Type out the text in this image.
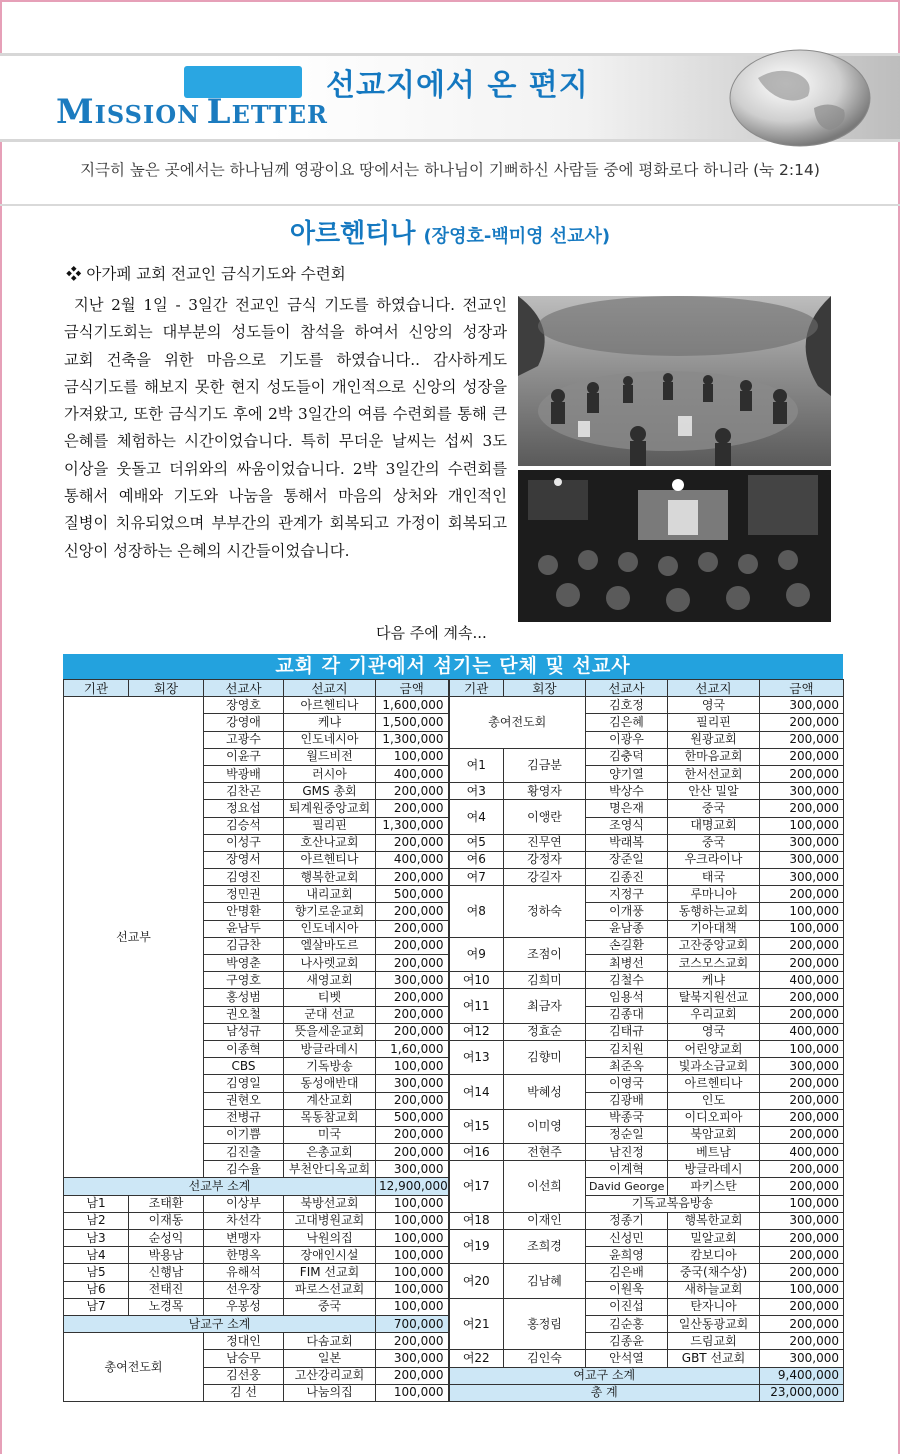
MISSION LETTER
선교지에서 온 편지
지극히 높은 곳에서는 하나님께 영광이요 땅에서는 하나님이 기뻐하신 사람들 중에 평화로다 하니라 (눅 2:14)
아르헨티나 (장영호-백미영 선교사)
❖ 아가페 교회 전교인 금식기도와 수련회
지난 2월 1일 - 3일간 전교인 금식 기도를 하였습니다. 전교인 금식기도회는 대부분의 성도들이 참석을 하여서 신앙의 성장과 교회 건축을 위한 마음으로 기도를 하였습니다.. 감사하게도 금식기도를 해보지 못한 현지 성도들이 개인적으로 신앙의 성장을 가져왔고, 또한 금식기도 후에 2박 3일간의 여름 수련회를 통해 큰 은혜를 체험하는 시간이었습니다. 특히 무더운 날씨는 섭씨 3도 이상을 웃돌고 더위와의 싸움이었습니다. 2박 3일간의 수련회를 통해서 예배와 기도와 나눔을 통해서 마음의 상처와 개인적인 질병이 치유되었으며 부부간의 관계가 회복되고 가정이 회복되고 신앙이 성장하는 은혜의 시간들이었습니다.
다음 주에 계속...
교회 각 기관에서 섬기는 단체 및 선교사
기관	회장	선교사	선교지	금액	기관	회장	선교사	선교지	금액
선교부		장영호	아르헨티나	1,600,000	총여전도회		김호정	영국	300,000
		강영애	케냐	1,500,000			김은혜	필리핀	200,000
		고광수	인도네시아	1,300,000			이광우	원광교회	200,000
		이윤구	월드비전	100,000	여1	김금분	김충덕	한마음교회	200,000
		박광배	러시아	400,000			양기열	한서선교회	200,000
		김찬곤	GMS 총회	200,000	여3	황영자	박상수	안산 밀알	300,000
		정요섭	퇴계원중앙교회	200,000	여4	이앵란	명은재	중국	200,000
		김승석	필리핀	1,300,000			조영식	대명교회	100,000
		이성구	호산나교회	200,000	여5	진무연	박래복	중국	300,000
		장영서	아르헨티나	400,000	여6	강정자	장준일	우크라이나	300,000
		김영진	행복한교회	200,000	여7	강길자	김종진	태국	300,000
		정민권	내리교회	500,000	여8	정하숙	지정구	루마니아	200,000
		안명환	향기로운교회	200,000			이개풍	동행하는교회	100,000
		윤남두	인도네시아	200,000			윤남종	기아대책	100,000
		김금찬	엘살바도르	200,000	여9	조점이	손길환	고잔중앙교회	200,000
		박영춘	나사렛교회	200,000			최병선	코스모스교회	200,000
		구영호	새영교회	300,000	여10	김희미	김철수	케냐	400,000
		홍성범	티벳	200,000	여11	최금자	임용석	탈북지원선교	200,000
		권오철	군대 선교	200,000			김종대	우리교회	200,000
		남성규	뜻을세운교회	200,000	여12	정효순	김태규	영국	400,000
		이종혁	방글라데시	1,60,000	여13	김향미	김치원	어린양교회	100,000
		CBS	기독방송	100,000			최준옥	빛과소금교회	300,000
		김영일	동성애반대	300,000	여14	박혜성	이영국	아르헨티나	200,000
		권현오	계산교회	200,000			김광배	인도	200,000
		전병규	목동참교회	500,000	여15	이미영	박종국	이디오피아	200,000
		이기쁨	미국	200,000			정순일	북암교회	200,000
		김진출	은총교회	200,000	여16	전현주	남진정	베트남	400,000
		김수율	부천안디옥교회	300,000	여17	이선희	이계혁	방글라데시	200,000
선교부 소계				12,900,000			David George	파키스탄	200,000
남1	조태환	이상부	북방선교회	100,000			기독교복음방송		100,000
남2	이재동	차선각	고대병원교회	100,000	여18	이재인	정종기	행복한교회	300,000
남3	순성익	변맹자	낙원의집	100,000	여19	조희경	신성민	밀알교회	200,000
남4	박용남	한명옥	장애인시설	100,000			윤희영	캄보디아	200,000
남5	신행남	유해석	FIM 선교회	100,000	여20	김남혜	김은배	중국(채수상)	200,000
남6	전태진	선우장	파로스선교회	100,000			이원욱	새하늘교회	100,000
남7	노경목	우봉성	중국	100,000	여21	홍정림	이진섭	탄자니아	200,000
남교구 소계				700,000			김순홍	일산동광교회	200,000
총여전도회		정대인	다솜교회	200,000			김종윤	드림교회	200,000
		남승무	일본	300,000	여22	김인숙	안석열	GBT 선교회	300,000
		김선웅	고산강리교회	200,000	여교구 소계				9,400,000
		김 선	나눔의집	100,000	총 계				23,000,000
